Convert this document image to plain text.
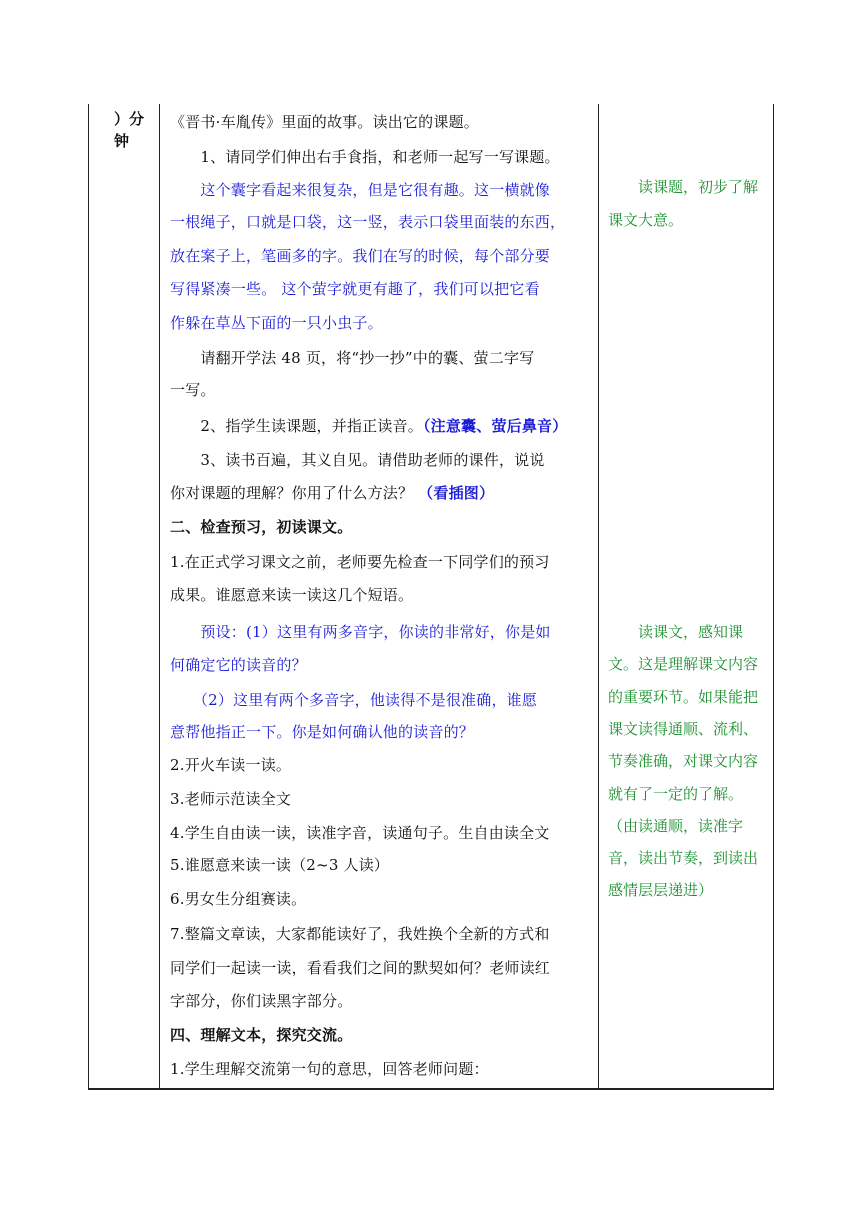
）分
钟
《晋书·车胤传》里面的故事。读出它的课题。
　　1、请同学们伸出右手食指，和老师一起写一写课题。
　　这个囊字看起来很复杂，但是它很有趣。这一横就像
一根绳子，口就是口袋，这一竖，表示口袋里面装的东西，
放在案子上，笔画多的字。我们在写的时候，每个部分要
写得紧凑一些。 这个萤字就更有趣了，我们可以把它看
作躲在草丛下面的一只小虫子。
　　请翻开学法 48 页，将“抄一抄”中的囊、萤二字写
一写。
　　2、指学生读课题，并指正读音。（注意囊、萤后鼻音）
　　3、读书百遍，其义自见。请借助老师的课件，说说
你对课题的理解？你用了什么方法？ （看插图）
二、检查预习，初读课文。
1.在正式学习课文之前，老师要先检查一下同学们的预习
成果。谁愿意来读一读这几个短语。
　　预设：(1）这里有两多音字，你读的非常好，你是如
何确定它的读音的？
　　（2）这里有两个多音字，他读得不是很准确，谁愿
意帮他指正一下。你是如何确认他的读音的？
2.开火车读一读。
3.老师示范读全文
4.学生自由读一读，读准字音，读通句子。生自由读全文
5.谁愿意来读一读（2~3 人读）
6.男女生分组赛读。
7.整篇文章读，大家都能读好了，我姓换个全新的方式和
同学们一起读一读，看看我们之间的默契如何？老师读红
字部分，你们读黑字部分。
四、理解文本，探究交流。
1.学生理解交流第一句的意思，回答老师问题：
　　读课题，初步了解
课文大意。
　　读课文，感知课
文。这是理解课文内容
的重要环节。如果能把
课文读得通顺、流利、
节奏准确，对课文内容
就有了一定的了解。
（由读通顺，读准字
音，读出节奏，到读出
感情层层递进）
